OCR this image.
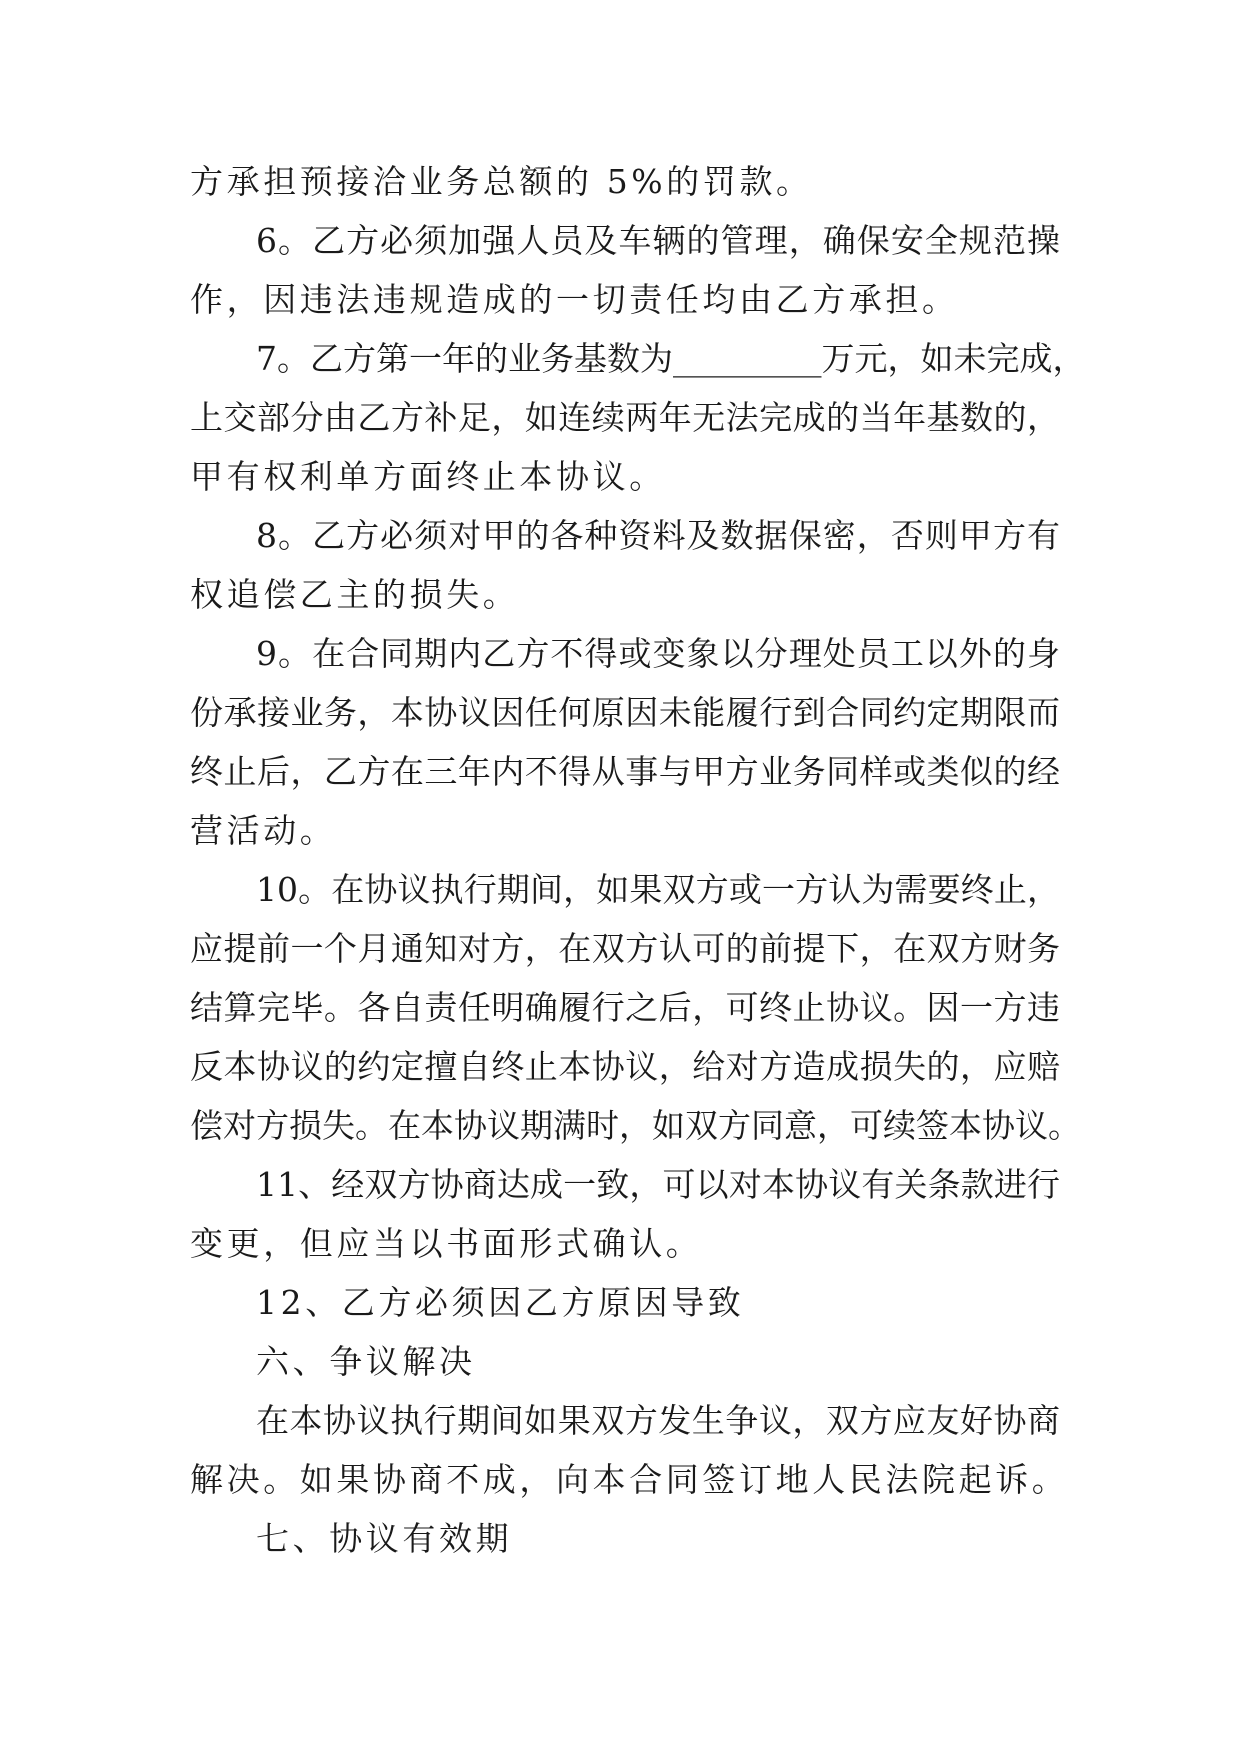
方承担预接洽业务总额的 5%的罚款。
6。乙方必须加强人员及车辆的管理，确保安全规范操
作，因违法违规造成的一切责任均由乙方承担。
7。乙方第一年的业务基数为_________万元，如未完成，
上交部分由乙方补足，如连续两年无法完成的当年基数的，
甲有权利单方面终止本协议。
8。乙方必须对甲的各种资料及数据保密，否则甲方有
权追偿乙主的损失。
9。在合同期内乙方不得或变象以分理处员工以外的身
份承接业务，本协议因任何原因未能履行到合同约定期限而
终止后，乙方在三年内不得从事与甲方业务同样或类似的经
营活动。
10。在协议执行期间，如果双方或一方认为需要终止，
应提前一个月通知对方，在双方认可的前提下，在双方财务
结算完毕。各自责任明确履行之后，可终止协议。因一方违
反本协议的约定擅自终止本协议，给对方造成损失的，应赔
偿对方损失。在本协议期满时，如双方同意，可续签本协议。
11、经双方协商达成一致，可以对本协议有关条款进行
变更，但应当以书面形式确认。
12、乙方必须因乙方原因导致
六、争议解决
在本协议执行期间如果双方发生争议，双方应友好协商
解决。如果协商不成，向本合同签订地人民法院起诉。
七、协议有效期
